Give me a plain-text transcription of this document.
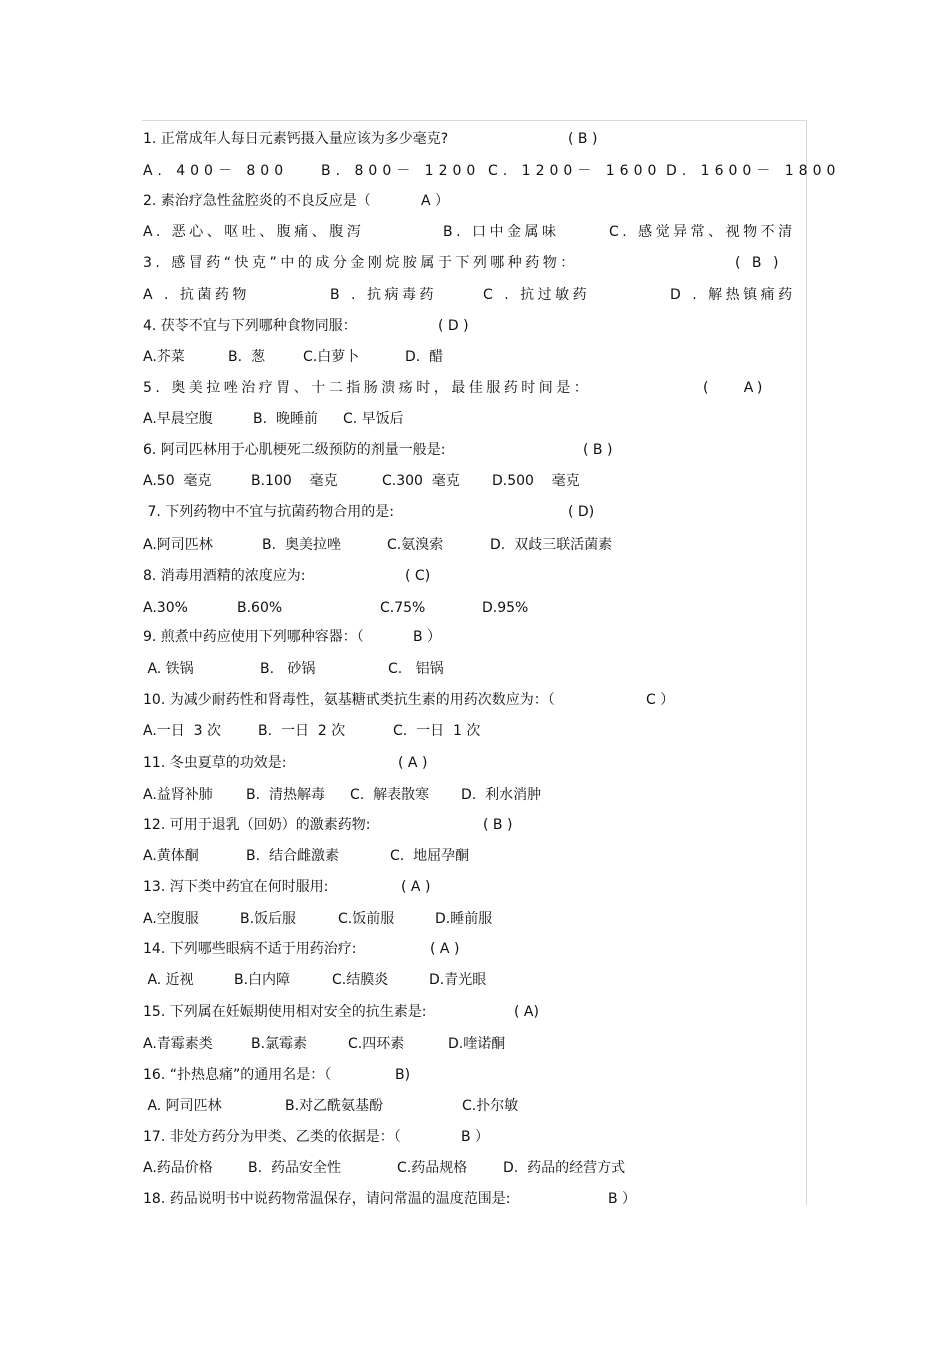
1. 正常成年人每日元素钙摄入量应该为多少毫克?

	( B )

A. 400－ 800

B. 800－ 1200

C. 1200－ 1600

D. 1600－ 1800

2. 素治疗急性盆腔炎的不良反应是（

	A ）

A. 恶心、呕吐、腹痛、腹泻

	B. 口中金属味

	C. 感觉异常、视物不清

3. 感冒药“快克”中的成分金刚烷胺属于下列哪种药物：

	( B )

A . 抗菌药物

	B . 抗病毒药

	C . 抗过敏药

	D . 解热镇痛药

4. 茯苓不宜与下列哪种食物同服：

	( D )

A.芥菜

	B.  葱

	C.白萝卜

	D.  醋

5. 奥美拉唑治疗胃、十二指肠溃疡时，最佳服药时间是：

	(    A)

A.早晨空腹

	B.  晚睡前

C. 早饭后

6. 阿司匹林用于心肌梗死二级预防的剂量一般是:

	( B )

A.50  毫克

	B.100    毫克

	C.300  毫克

D.500    毫克

7. 下列药物中不宜与抗菌药物合用的是:

	( D)

A.阿司匹林

	B.  奥美拉唑

	C.氨溴索

	D.  双歧三联活菌素

8. 消毒用酒精的浓度应为:

	( C)

A.30%

	B.60%

	C.75%

	D.95%

9. 煎煮中药应使用下列哪种容器：（

	B ）

A. 铁锅

	B.   砂锅

	C.   铝锅

10. 为减少耐药性和肾毒性，氨基糖甙类抗生素的用药次数应为：（

	C ）

A.一日  3 次

	B.  一日  2 次

	C.  一日  1 次

11. 冬虫夏草的功效是:

	( A )

A.益肾补肺

B.  清热解毒

C.  解表散寒

D.  利水消肿

12. 可用于退乳（回奶）的激素药物:

	( B )

A.黄体酮

	B.  结合雌激素

	C.  地屈孕酮

13. 泻下类中药宜在何时服用:

	( A )

A.空腹服

	B.饭后服

	C.饭前服

	D.睡前服

14. 下列哪些眼病不适于用药治疗:

	( A )

A. 近视

	B.白内障

	C.结膜炎

	D.青光眼

15. 下列属在妊娠期使用相对安全的抗生素是:

	( A)

A.青霉素类

	B.氯霉素

	C.四环素

	D.喹诺酮

16. “扑热息痛”的通用名是：（

	B)

A. 阿司匹林

	B.对乙酰氨基酚

	C.扑尔敏

17. 非处方药分为甲类、乙类的依据是：（

	B ）

A.药品价格

	B.  药品安全性

	C.药品规格

	D.  药品的经营方式

18. 药品说明书中说药物常温保存，请问常温的温度范围是:

	B ）
